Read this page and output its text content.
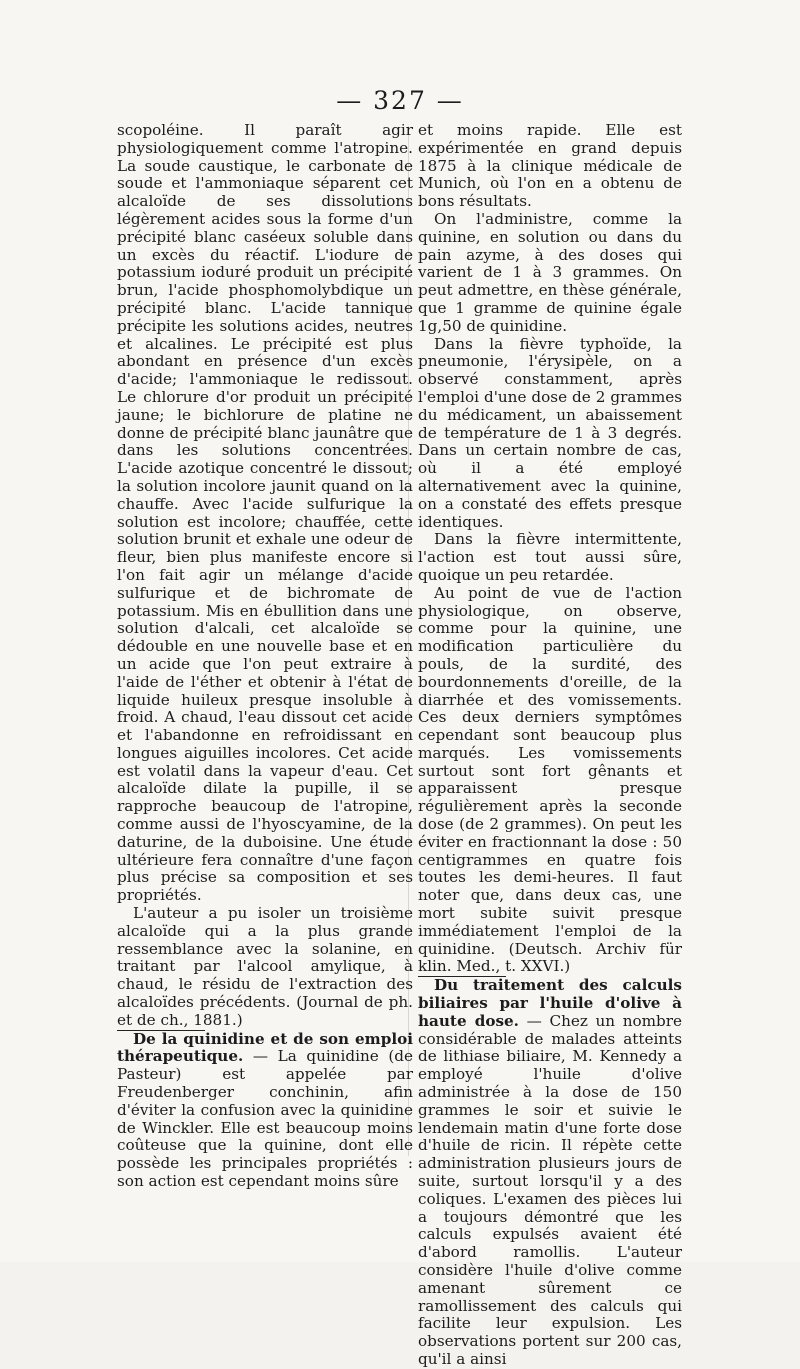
— 327 —

scopoléine. Il paraît agir physiologiquement comme l'atropine. La soude caustique, le carbonate de soude et l'ammoniaque séparent cet alcaloïde de ses dissolutions légèrement acides sous la forme d'un précipité blanc caséeux soluble dans un excès du réactif. L'iodure de potassium ioduré produit un précipité brun, l'acide phosphomolybdique un précipité blanc. L'acide tannique précipite les solutions acides, neutres et alcalines. Le précipité est plus abondant en présence d'un excès d'acide; l'ammoniaque le redissout. Le chlorure d'or produit un précipité jaune; le bichlorure de platine ne donne de précipité blanc jaunâtre que dans les solutions concentrées. L'acide azotique concentré le dissout; la solution incolore jaunit quand on la chauffe. Avec l'acide sulfurique la solution est incolore; chauffée, cette solution brunit et exhale une odeur de fleur, bien plus manifeste encore si l'on fait agir un mélange d'acide sulfurique et de bichromate de potassium. Mis en ébullition dans une solution d'alcali, cet alcaloïde se dédouble en une nouvelle base et en un acide que l'on peut extraire à l'aide de l'éther et obtenir à l'état de liquide huileux presque insoluble à froid. A chaud, l'eau dissout cet acide et l'abandonne en refroidissant en longues aiguilles incolores. Cet acide est volatil dans la vapeur d'eau. Cet alcaloïde dilate la pupille, il se rapproche beaucoup de l'atropine, comme aussi de l'hyoscyamine, de la daturine, de la duboisine. Une étude ultérieure fera connaître d'une façon plus précise sa composition et ses propriétés.

L'auteur a pu isoler un troisième alcaloïde qui a la plus grande ressemblance avec la solanine, en traitant par l'alcool amylique, à chaud, le résidu de l'extraction des alcaloïdes précédents. (Journal de ph. et de ch., 1881.)

De la quinidine et de son emploi thérapeutique. — La quinidine (de Pasteur) est appelée par Freudenberger conchinin, afin d'éviter la confusion avec la quinidine de Winckler. Elle est beaucoup moins coûteuse que la quinine, dont elle possède les principales propriétés : son action est cependant moins sûre

et moins rapide. Elle est expérimentée en grand depuis 1875 à la clinique médicale de Munich, où l'on en a obtenu de bons résultats.

On l'administre, comme la quinine, en solution ou dans du pain azyme, à des doses qui varient de 1 à 3 grammes. On peut admettre, en thèse générale, que 1 gramme de quinine égale 1g,50 de quinidine.

Dans la fièvre typhoïde, la pneumonie, l'érysipèle, on a observé constamment, après l'emploi d'une dose de 2 grammes du médicament, un abaissement de température de 1 à 3 degrés. Dans un certain nombre de cas, où il a été employé alternativement avec la quinine, on a constaté des effets presque identiques.

Dans la fièvre intermittente, l'action est tout aussi sûre, quoique un peu retardée.

Au point de vue de l'action physiologique, on observe, comme pour la quinine, une modification particulière du pouls, de la surdité, des bourdonnements d'oreille, de la diarrhée et des vomissements. Ces deux derniers symptômes cependant sont beaucoup plus marqués. Les vomissements surtout sont fort gênants et apparaissent presque régulièrement après la seconde dose (de 2 grammes). On peut les éviter en fractionnant la dose : 50 centigrammes en quatre fois toutes les demi-heures. Il faut noter que, dans deux cas, une mort subite suivit presque immédiatement l'emploi de la quinidine. (Deutsch. Archiv für klin. Med., t. XXVI.)

Du traitement des calculs biliaires par l'huile d'olive à haute dose. — Chez un nombre considérable de malades atteints de lithiase biliaire, M. Kennedy a employé l'huile d'olive administrée à la dose de 150 grammes le soir et suivie le lendemain matin d'une forte dose d'huile de ricin. Il répète cette administration plusieurs jours de suite, surtout lorsqu'il y a des coliques. L'examen des pièces lui a toujours démontré que les calculs expulsés avaient été d'abord ramollis. L'auteur considère l'huile d'olive comme amenant sûrement ce ramollissement des calculs qui facilite leur expulsion. Les observations portent sur 200 cas, qu'il a ainsi
